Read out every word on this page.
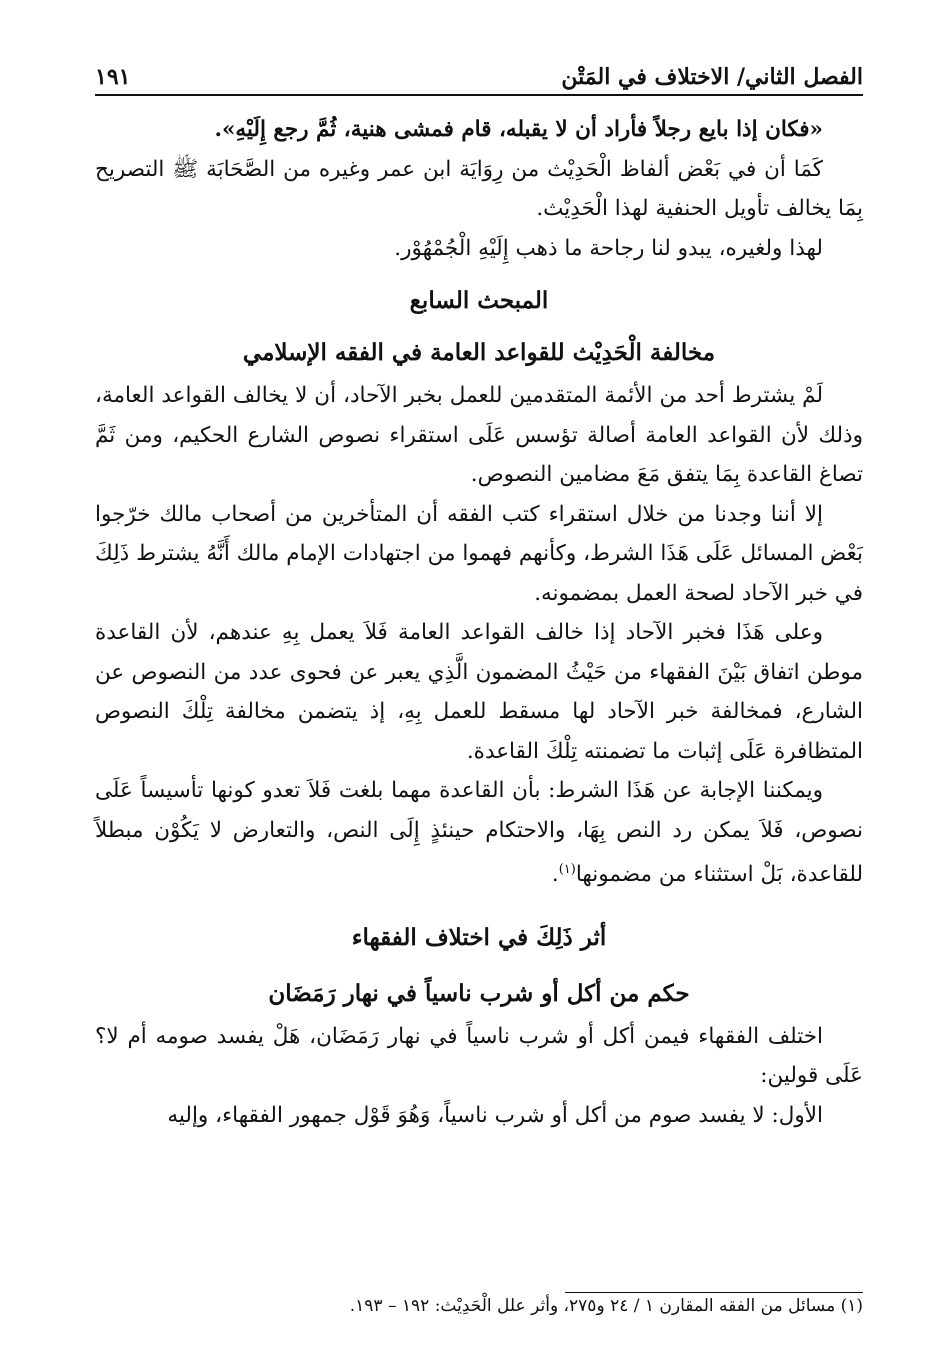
الفصل الثاني/ الاختلاف في المَتْن
١٩١

«فكان إذا بايع رجلاً فأراد أن لا يقبله، قام فمشى هنية، ثُمَّ رجع إِلَيْهِ».

كَمَا أن في بَعْض ألفاظ الْحَدِيْث من رِوَايَة ابن عمر وغيره من الصَّحَابَة ﷺ التصريح بِمَا يخالف تأويل الحنفية لهذا الْحَدِيْث.

لهذا ولغيره، يبدو لنا رجاحة ما ذهب إِلَيْهِ الْجُمْهُوْر.

المبحث السابع
مخالفة الْحَدِيْث للقواعد العامة في الفقه الإسلامي

لَمْ يشترط أحد من الأئمة المتقدمين للعمل بخبر الآحاد، أن لا يخالف القواعد العامة، وذلك لأن القواعد العامة أصالة تؤسس عَلَى استقراء نصوص الشارع الحكيم، ومن ثَمَّ تصاغ القاعدة بِمَا يتفق مَعَ مضامين النصوص.

إلا أننا وجدنا من خلال استقراء كتب الفقه أن المتأخرين من أصحاب مالك خرّجوا بَعْض المسائل عَلَى هَذَا الشرط، وكأنهم فهموا من اجتهادات الإمام مالك أَنَّهُ يشترط ذَلِكَ في خبر الآحاد لصحة العمل بمضمونه.

وعلى هَذَا فخبر الآحاد إذا خالف القواعد العامة فَلاَ يعمل بِهِ عندهم، لأن القاعدة موطن اتفاق بَيْنَ الفقهاء من حَيْثُ المضمون الَّذِي يعبر عن فحوى عدد من النصوص عن الشارع، فمخالفة خبر الآحاد لها مسقط للعمل بِهِ، إذ يتضمن مخالفة تِلْكَ النصوص المتظافرة عَلَى إثبات ما تضمنته تِلْكَ القاعدة.

ويمكننا الإجابة عن هَذَا الشرط: بأن القاعدة مهما بلغت فَلاَ تعدو كونها تأسيساً عَلَى نصوص، فَلاَ يمكن رد النص بِهَا، والاحتكام حينئذٍ إِلَى النص، والتعارض لا يَكُوْن مبطلاً للقاعدة، بَلْ استثناء من مضمونها$^{(١)}$.

أثر ذَلِكَ في اختلاف الفقهاء
حكم من أكل أو شرب ناسياً في نهار رَمَضَان

اختلف الفقهاء فيمن أكل أو شرب ناسياً في نهار رَمَضَان، هَلْ يفسد صومه أم لا؟ عَلَى قولين:

الأول: لا يفسد صوم من أكل أو شرب ناسياً، وَهُوَ قَوْل جمهور الفقهاء، وإليه

(١) مسائل من الفقه المقارن ١ / ٢٤ و٢٧٥، وأثر علل الْحَدِيْث: ١٩٢ – ١٩٣.
